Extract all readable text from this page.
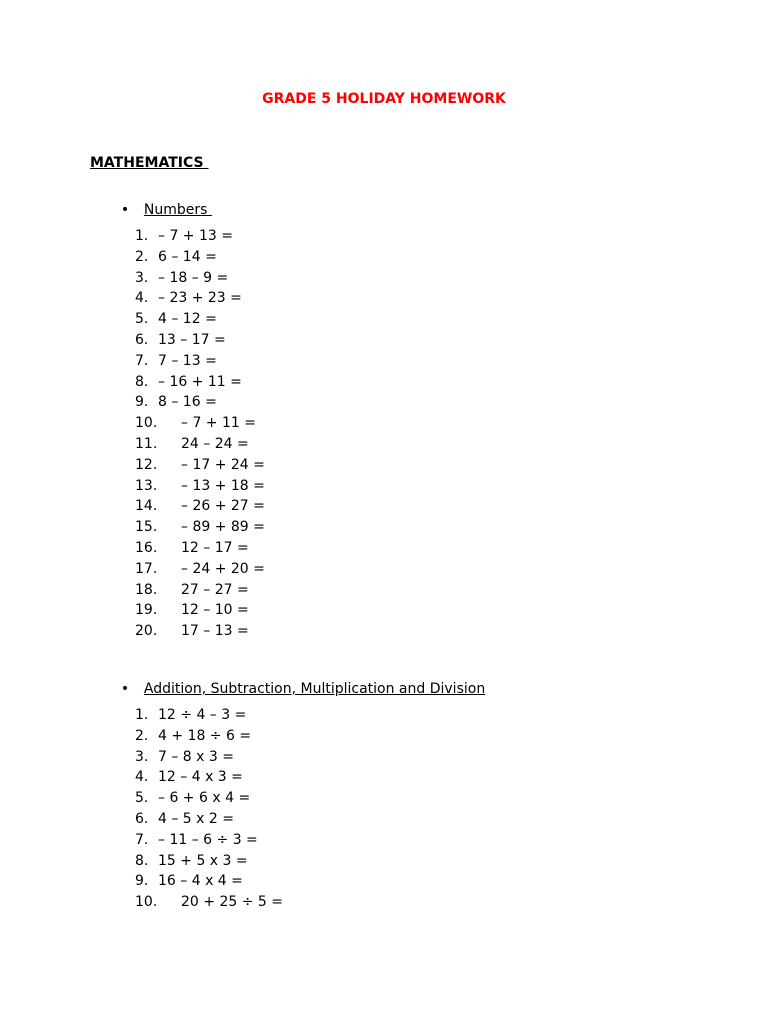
GRADE 5 HOLIDAY HOMEWORK
MATHEMATICS

• Numbers

1. – 7 + 13 =
2. 6 – 14 =
3. – 18 – 9 =
4. – 23 + 23 =
5. 4 – 12 =
6. 13 – 17 =
7. 7 – 13 =
8. – 16 + 11 =
9. 8 – 16 =
10. – 7 + 11 =
11. 24 – 24 =
12. – 17 + 24 =
13. – 13 + 18 =
14. – 26 + 27 =
15. – 89 + 89 =
16. 12 – 17 =
17. – 24 + 20 =
18. 27 – 27 =
19. 12 – 10 =
20. 17 – 13 =

• Addition, Subtraction, Multiplication and Division

1. 12 ÷ 4 – 3 =
2. 4 + 18 ÷ 6 =
3. 7 – 8 x 3 =
4. 12 – 4 x 3 =
5. – 6 + 6 x 4 =
6. 4 – 5 x 2 =
7. – 11 – 6 ÷ 3 =
8. 15 + 5 x 3 =
9. 16 – 4 x 4 =
10. 20 + 25 ÷ 5 =
